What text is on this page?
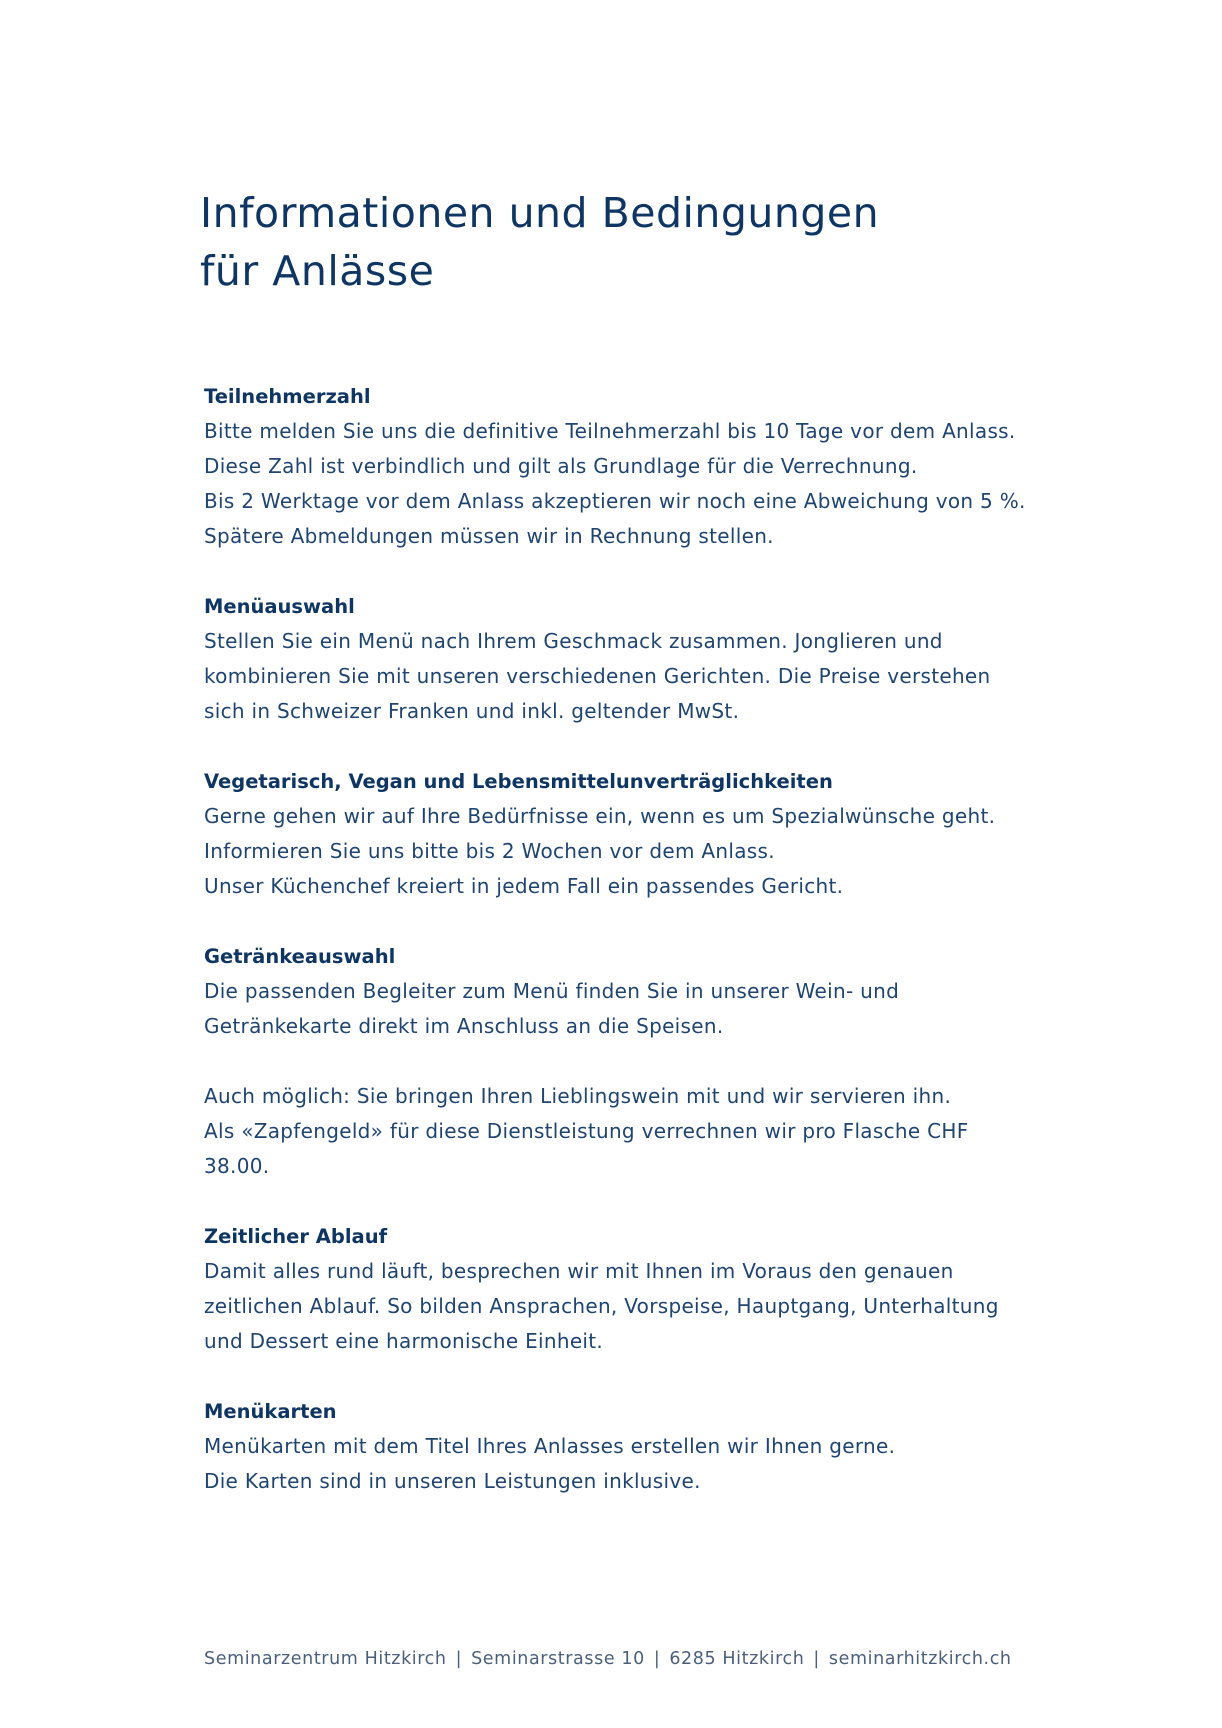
Informationen und Bedingungen
für Anlässe
Teilnehmerzahl

Bitte melden Sie uns die definitive Teilnehmerzahl bis 10 Tage vor dem Anlass.
Diese Zahl ist verbindlich und gilt als Grundlage für die Verrechnung.
Bis 2 Werktage vor dem Anlass akzeptieren wir noch eine Abweichung von 5 %.
Spätere Abmeldungen müssen wir in Rechnung stellen.

Menüauswahl

Stellen Sie ein Menü nach Ihrem Geschmack zusammen. Jonglieren und
kombinieren Sie mit unseren verschiedenen Gerichten. Die Preise verstehen
sich in Schweizer Franken und inkl. geltender MwSt.

Vegetarisch, Vegan und Lebensmittelunverträglichkeiten

Gerne gehen wir auf Ihre Bedürfnisse ein, wenn es um Spezialwünsche geht.
Informieren Sie uns bitte bis 2 Wochen vor dem Anlass.
Unser Küchenchef kreiert in jedem Fall ein passendes Gericht.

Getränkeauswahl

Die passenden Begleiter zum Menü finden Sie in unserer Wein- und
Getränkekarte direkt im Anschluss an die Speisen.

Auch möglich: Sie bringen Ihren Lieblingswein mit und wir servieren ihn.
Als «Zapfengeld» für diese Dienstleistung verrechnen wir pro Flasche CHF
38.00.

Zeitlicher Ablauf

Damit alles rund läuft, besprechen wir mit Ihnen im Voraus den genauen
zeitlichen Ablauf. So bilden Ansprachen, Vorspeise, Hauptgang, Unterhaltung
und Dessert eine harmonische Einheit.

Menükarten

Menükarten mit dem Titel Ihres Anlasses erstellen wir Ihnen gerne.
Die Karten sind in unseren Leistungen inklusive.

Seminarzentrum Hitzkirch | Seminarstrasse 10 | 6285 Hitzkirch | seminarhitzkirch.ch
